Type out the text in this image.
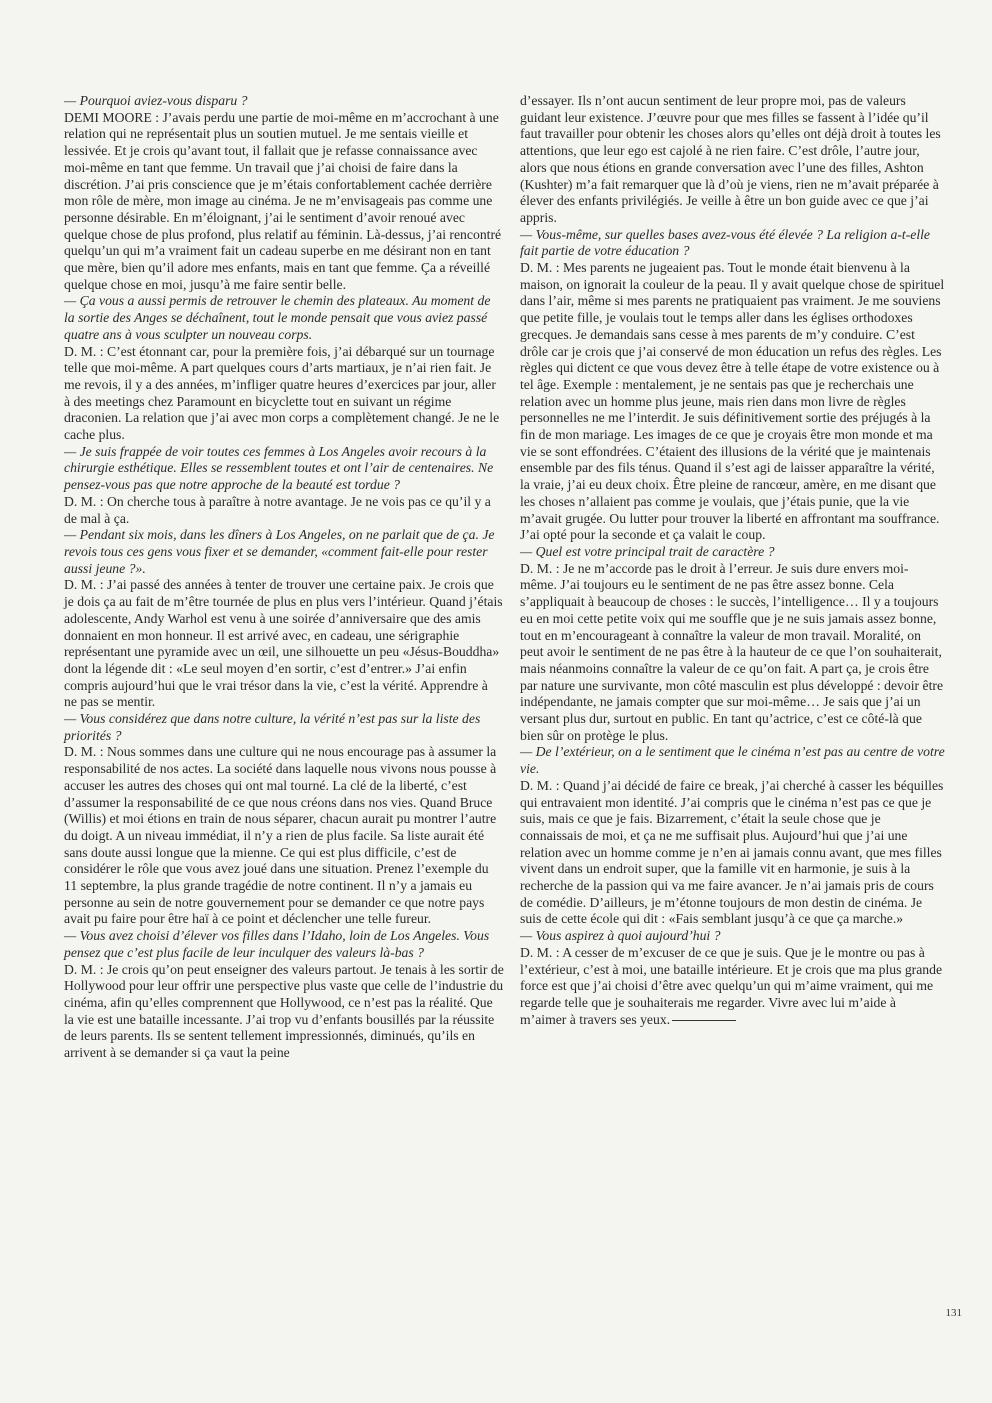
— Pourquoi aviez-vous disparu ?

DEMI MOORE : J’avais perdu une partie de moi-même en m’accrochant à une relation qui ne représentait plus un soutien mutuel. Je me sentais vieille et lessivée. Et je crois qu’avant tout, il fallait que je refasse connaissance avec moi-même en tant que femme. Un travail que j’ai choisi de faire dans la discrétion. J’ai pris conscience que je m’étais confortablement cachée derrière mon rôle de mère, mon image au cinéma. Je ne m’envisageais pas comme une personne désirable. En m’éloignant, j’ai le sentiment d’avoir renoué avec quelque chose de plus profond, plus relatif au féminin. Là-dessus, j’ai rencontré quelqu’un qui m’a vraiment fait un cadeau superbe en me désirant non en tant que mère, bien qu’il adore mes enfants, mais en tant que femme. Ça a réveillé quelque chose en moi, jusqu’à me faire sentir belle.

— Ça vous a aussi permis de retrouver le chemin des plateaux. Au moment de la sortie des Anges se déchaînent, tout le monde pensait que vous aviez passé quatre ans à vous sculpter un nouveau corps.

D. M. : C’est étonnant car, pour la première fois, j’ai débarqué sur un tournage telle que moi-même. A part quelques cours d’arts martiaux, je n’ai rien fait. Je me revois, il y a des années, m’infliger quatre heures d’exercices par jour, aller à des meetings chez Paramount en bicyclette tout en suivant un régime draconien. La relation que j’ai avec mon corps a complètement changé. Je ne le cache plus.

— Je suis frappée de voir toutes ces femmes à Los Angeles avoir recours à la chirurgie esthétique. Elles se ressemblent toutes et ont l’air de centenaires. Ne pensez-vous pas que notre approche de la beauté est tordue ?

D. M. : On cherche tous à paraître à notre avantage. Je ne vois pas ce qu’il y a de mal à ça.

— Pendant six mois, dans les dîners à Los Angeles, on ne parlait que de ça. Je revois tous ces gens vous fixer et se demander, «comment fait-elle pour rester aussi jeune ?».

D. M. : J’ai passé des années à tenter de trouver une certaine paix. Je crois que je dois ça au fait de m’être tournée de plus en plus vers l’intérieur. Quand j’étais adolescente, Andy Warhol est venu à une soirée d’anniversaire que des amis donnaient en mon honneur. Il est arrivé avec, en cadeau, une sérigraphie représentant une pyramide avec un œil, une silhouette un peu «Jésus-Bouddha» dont la légende dit : «Le seul moyen d’en sortir, c’est d’entrer.» J’ai enfin compris aujourd’hui que le vrai trésor dans la vie, c’est la vérité. Apprendre à ne pas se mentir.

— Vous considérez que dans notre culture, la vérité n’est pas sur la liste des priorités ?

D. M. : Nous sommes dans une culture qui ne nous encourage pas à assumer la responsabilité de nos actes. La société dans laquelle nous vivons nous pousse à accuser les autres des choses qui ont mal tourné. La clé de la liberté, c’est d’assumer la responsabilité de ce que nous créons dans nos vies. Quand Bruce (Willis) et moi étions en train de nous séparer, chacun aurait pu montrer l’autre du doigt. A un niveau immédiat, il n’y a rien de plus facile. Sa liste aurait été sans doute aussi longue que la mienne. Ce qui est plus difficile, c’est de considérer le rôle que vous avez joué dans une situation. Prenez l’exemple du 11 septembre, la plus grande tragédie de notre continent. Il n’y a jamais eu personne au sein de notre gouvernement pour se demander ce que notre pays avait pu faire pour être haï à ce point et déclencher une telle fureur.

— Vous avez choisi d’élever vos filles dans l’Idaho, loin de Los Angeles. Vous pensez que c’est plus facile de leur inculquer des valeurs là-bas ?

D. M. : Je crois qu’on peut enseigner des valeurs partout. Je tenais à les sortir de Hollywood pour leur offrir une perspective plus vaste que celle de l’industrie du cinéma, afin qu’elles comprennent que Hollywood, ce n’est pas la réalité. Que la vie est une bataille incessante. J’ai trop vu d’enfants bousillés par la réussite de leurs parents. Ils se sentent tellement impressionnés, diminués, qu’ils en arrivent à se demander si ça vaut la peine

d’essayer. Ils n’ont aucun sentiment de leur propre moi, pas de valeurs guidant leur existence. J’œuvre pour que mes filles se fassent à l’idée qu’il faut travailler pour obtenir les choses alors qu’elles ont déjà droit à toutes les attentions, que leur ego est cajolé à ne rien faire. C’est drôle, l’autre jour, alors que nous étions en grande conversation avec l’une des filles, Ashton (Kushter) m’a fait remarquer que là d’où je viens, rien ne m’avait préparée à élever des enfants privilégiés. Je veille à être un bon guide avec ce que j’ai appris.

— Vous-même, sur quelles bases avez-vous été élevée ? La religion a-t-elle fait partie de votre éducation ?

D. M. : Mes parents ne jugeaient pas. Tout le monde était bienvenu à la maison, on ignorait la couleur de la peau. Il y avait quelque chose de spirituel dans l’air, même si mes parents ne pratiquaient pas vraiment. Je me souviens que petite fille, je voulais tout le temps aller dans les églises orthodoxes grecques. Je demandais sans cesse à mes parents de m’y conduire. C’est drôle car je crois que j’ai conservé de mon éducation un refus des règles. Les règles qui dictent ce que vous devez être à telle étape de votre existence ou à tel âge. Exemple : mentalement, je ne sentais pas que je recherchais une relation avec un homme plus jeune, mais rien dans mon livre de règles personnelles ne me l’interdit. Je suis définitivement sortie des préjugés à la fin de mon mariage. Les images de ce que je croyais être mon monde et ma vie se sont effondrées. C’étaient des illusions de la vérité que je maintenais ensemble par des fils ténus. Quand il s’est agi de laisser apparaître la vérité, la vraie, j’ai eu deux choix. Être pleine de rancœur, amère, en me disant que les choses n’allaient pas comme je voulais, que j’étais punie, que la vie m’avait grugée. Ou lutter pour trouver la liberté en affrontant ma souffrance. J’ai opté pour la seconde et ça valait le coup.

— Quel est votre principal trait de caractère ?

D. M. : Je ne m’accorde pas le droit à l’erreur. Je suis dure envers moi-même. J’ai toujours eu le sentiment de ne pas être assez bonne. Cela s’appliquait à beaucoup de choses : le succès, l’intelligence… Il y a toujours eu en moi cette petite voix qui me souffle que je ne suis jamais assez bonne, tout en m’encourageant à connaître la valeur de mon travail. Moralité, on peut avoir le sentiment de ne pas être à la hauteur de ce que l’on souhaiterait, mais néanmoins connaître la valeur de ce qu’on fait. A part ça, je crois être par nature une survivante, mon côté masculin est plus développé : devoir être indépendante, ne jamais compter que sur moi-même… Je sais que j’ai un versant plus dur, surtout en public. En tant qu’actrice, c’est ce côté-là que bien sûr on protège le plus.

— De l’extérieur, on a le sentiment que le cinéma n’est pas au centre de votre vie.

D. M. : Quand j’ai décidé de faire ce break, j’ai cherché à casser les béquilles qui entravaient mon identité. J’ai compris que le cinéma n’est pas ce que je suis, mais ce que je fais. Bizarrement, c’était la seule chose que je connaissais de moi, et ça ne me suffisait plus. Aujourd’hui que j’ai une relation avec un homme comme je n’en ai jamais connu avant, que mes filles vivent dans un endroit super, que la famille vit en harmonie, je suis à la recherche de la passion qui va me faire avancer. Je n’ai jamais pris de cours de comédie. D’ailleurs, je m’étonne toujours de mon destin de cinéma. Je suis de cette école qui dit : «Fais semblant jusqu’à ce que ça marche.»

— Vous aspirez à quoi aujourd’hui ?

D. M. : A cesser de m’excuser de ce que je suis. Que je le montre ou pas à l’extérieur, c’est à moi, une bataille intérieure. Et je crois que ma plus grande force est que j’ai choisi d’être avec quelqu’un qui m’aime vraiment, qui me regarde telle que je souhaiterais me regarder. Vivre avec lui m’aide à m’aimer à travers ses yeux.

131
